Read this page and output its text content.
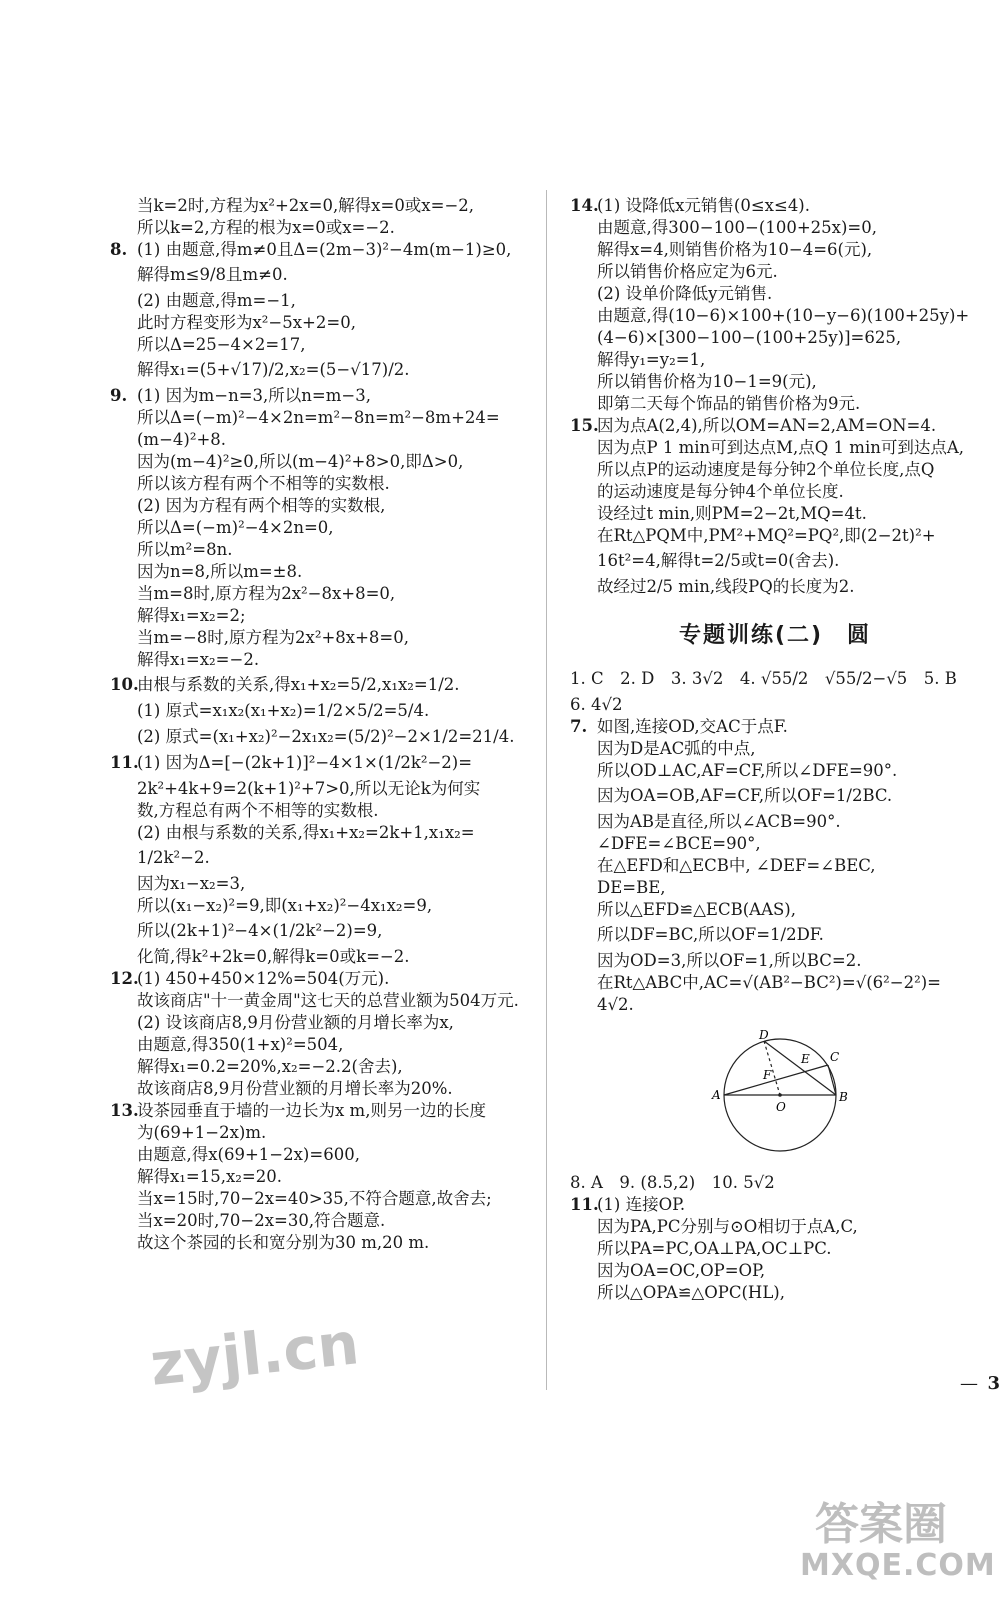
当k=2时,方程为x²+2x=0,解得x=0或x=−2,
所以k=2,方程的根为x=0或x=−2.
8. (1) 由题意,得m≠0且Δ=(2m−3)²−4m(m−1)≥0,
解得m≤9/8且m≠0.
(2) 由题意,得m=−1,
此时方程变形为x²−5x+2=0,
所以Δ=25−4×2=17,
解得x₁=(5+√17)/2,x₂=(5−√17)/2.
9. (1) 因为m−n=3,所以n=m−3,
所以Δ=(−m)²−4×2n=m²−8n=m²−8m+24=
(m−4)²+8.
因为(m−4)²≥0,所以(m−4)²+8>0,即Δ>0,
所以该方程有两个不相等的实数根.
(2) 因为方程有两个相等的实数根,
所以Δ=(−m)²−4×2n=0,
所以m²=8n.
因为n=8,所以m=±8.
当m=8时,原方程为2x²−8x+8=0,
解得x₁=x₂=2;
当m=−8时,原方程为2x²+8x+8=0,
解得x₁=x₂=−2.
10.由根与系数的关系,得x₁+x₂=5/2,x₁x₂=1/2.
(1) 原式=x₁x₂(x₁+x₂)=1/2×5/2=5/4.
(2) 原式=(x₁+x₂)²−2x₁x₂=(5/2)²−2×1/2=21/4.
11.(1) 因为Δ=[−(2k+1)]²−4×1×(1/2k²−2)=
2k²+4k+9=2(k+1)²+7>0,所以无论k为何实
数,方程总有两个不相等的实数根.
(2) 由根与系数的关系,得x₁+x₂=2k+1,x₁x₂=
1/2k²−2.
因为x₁−x₂=3,
所以(x₁−x₂)²=9,即(x₁+x₂)²−4x₁x₂=9,
所以(2k+1)²−4×(1/2k²−2)=9,
化简,得k²+2k=0,解得k=0或k=−2.
12.(1) 450+450×12%=504(万元).
故该商店"十一黄金周"这七天的总营业额为504万元.
(2) 设该商店8,9月份营业额的月增长率为x,
由题意,得350(1+x)²=504,
解得x₁=0.2=20%,x₂=−2.2(舍去),
故该商店8,9月份营业额的月增长率为20%.
13.设茶园垂直于墙的一边长为x m,则另一边的长度
为(69+1−2x)m.
由题意,得x(69+1−2x)=600,
解得x₁=15,x₂=20.
当x=15时,70−2x=40>35,不符合题意,故舍去;
当x=20时,70−2x=30,符合题意.
故这个茶园的长和宽分别为30 m,20 m.
14.(1) 设降低x元销售(0≤x≤4).
由题意,得300−100−(100+25x)=0,
解得x=4,则销售价格为10−4=6(元),
所以销售价格应定为6元.
(2) 设单价降低y元销售.
由题意,得(10−6)×100+(10−y−6)(100+25y)+
(4−6)×[300−100−(100+25y)]=625,
解得y₁=y₂=1,
所以销售价格为10−1=9(元),
即第二天每个饰品的销售价格为9元.
15.因为点A(2,4),所以OM=AN=2,AM=ON=4.
因为点P 1 min可到达点M,点Q 1 min可到达点A,
所以点P的运动速度是每分钟2个单位长度,点Q
的运动速度是每分钟4个单位长度.
设经过t min,则PM=2−2t,MQ=4t.
在Rt△PQM中,PM²+MQ²=PQ²,即(2−2t)²+
16t²=4,解得t=2/5或t=0(舍去).
故经过2/5 min,线段PQ的长度为2.
专题训练(二)　圆
1. C　2. D　3. 3√2　4. √55/2　√55/2−√5　5. B
6. 4√2
7. 如图,连接OD,交AC于点F.
因为D是AC弧的中点,
所以OD⊥AC,AF=CF,所以∠DFE=90°.
因为OA=OB,AF=CF,所以OF=1/2BC.
因为AB是直径,所以∠ACB=90°.
∠DFE=∠BCE=90°,
在△EFD和△ECB中, ∠DEF=∠BEC,
DE=BE,
所以△EFD≌△ECB(AAS),
所以DF=BC,所以OF=1/2DF.
因为OD=3,所以OF=1,所以BC=2.
在Rt△ABC中,AC=√(AB²−BC²)=√(6²−2²)=
4√2.
D
E C
F
A
O
B
8. A　9. (8.5,2)　10. 5√2
11.(1) 连接OP.
因为PA,PC分别与⊙O相切于点A,C,
所以PA=PC,OA⊥PA,OC⊥PC.
因为OA=OC,OP=OP,
所以△OPA≌△OPC(HL),
— 3
zyjl.cn
答案圈
MXQE.COM
